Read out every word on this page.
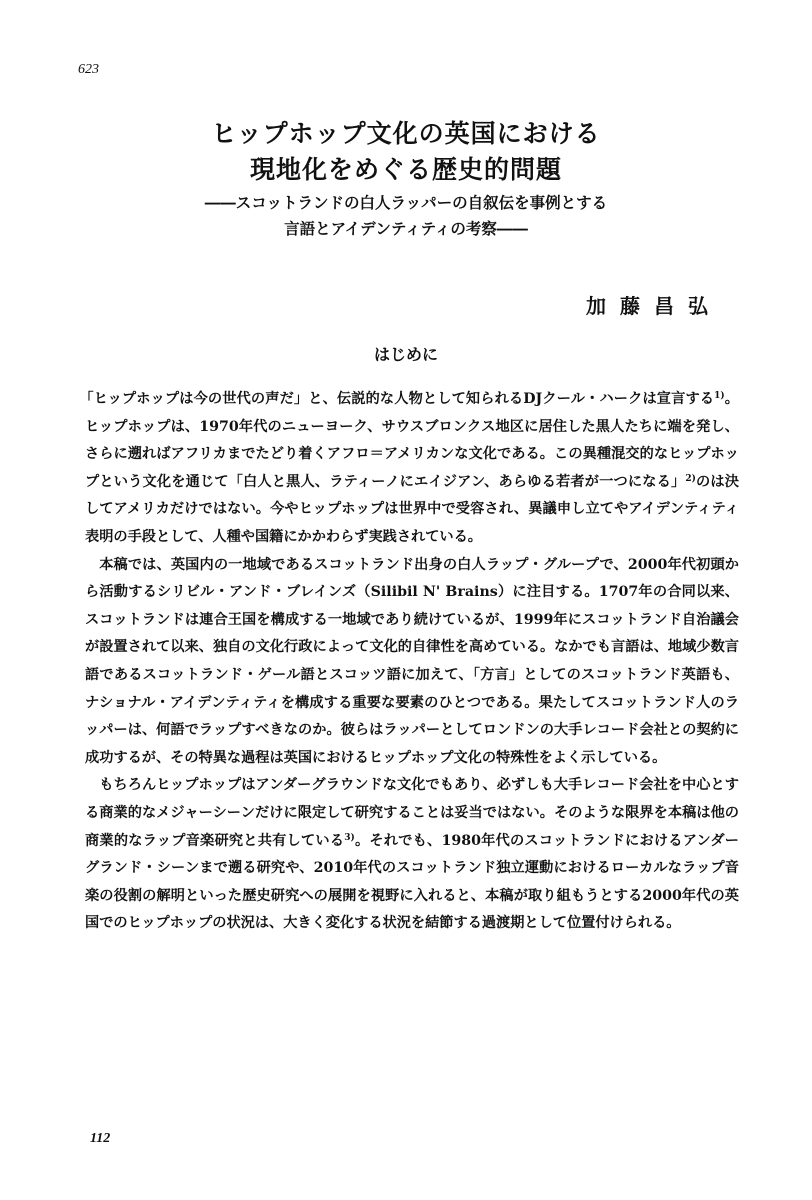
623
ヒップホップ文化の英国における
現地化をめぐる歴史的問題
――スコットランドの白人ラッパーの自叙伝を事例とする
言語とアイデンティティの考察――
加藤昌弘
はじめに

「ヒップホップは今の世代の声だ」と、伝説的な人物として知られるDJクール・ハークは宣言する$^{1)}$。ヒップホップは、1970年代のニューヨーク、サウスブロンクス地区に居住した黒人たちに端を発し、さらに遡ればアフリカまでたどり着くアフロ＝アメリカンな文化である。この異種混交的なヒップホップという文化を通じて「白人と黒人、ラティーノにエイジアン、あらゆる若者が一つになる」$^{2)}$のは決してアメリカだけではない。今やヒップホップは世界中で受容され、異議申し立てやアイデンティティ表明の手段として、人種や国籍にかかわらず実践されている。

本稿では、英国内の一地域であるスコットランド出身の白人ラップ・グループで、2000年代初頭から活動するシリビル・アンド・ブレインズ（Silibil N' Brains）に注目する。1707年の合同以来、スコットランドは連合王国を構成する一地域であり続けているが、1999年にスコットランド自治議会が設置されて以来、独自の文化行政によって文化的自律性を高めている。なかでも言語は、地域少数言語であるスコットランド・ゲール語とスコッツ語に加えて、「方言」としてのスコットランド英語も、ナショナル・アイデンティティを構成する重要な要素のひとつである。果たしてスコットランド人のラッパーは、何語でラップすべきなのか。彼らはラッパーとしてロンドンの大手レコード会社との契約に成功するが、その特異な過程は英国におけるヒップホップ文化の特殊性をよく示している。

もちろんヒップホップはアンダーグラウンドな文化でもあり、必ずしも大手レコード会社を中心とする商業的なメジャーシーンだけに限定して研究することは妥当ではない。そのような限界を本稿は他の商業的なラップ音楽研究と共有している$^{3)}$。それでも、1980年代のスコットランドにおけるアンダーグランド・シーンまで遡る研究や、2010年代のスコットランド独立運動におけるローカルなラップ音楽の役割の解明といった歴史研究への展開を視野に入れると、本稿が取り組もうとする2000年代の英国でのヒップホップの状況は、大きく変化する状況を結節する過渡期として位置付けられる。

112
